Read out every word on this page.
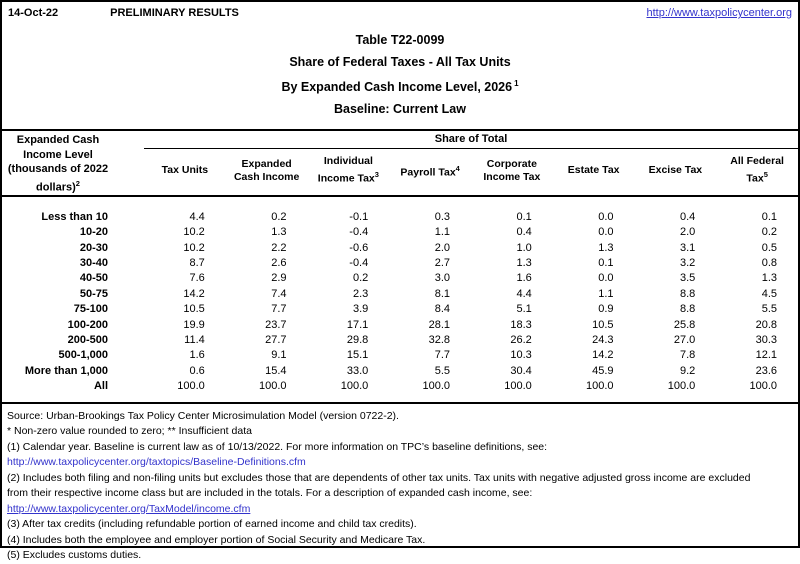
14-Oct-22	PRELIMINARY RESULTS	http://www.taxpolicycenter.org
Table T22-0099
Share of Federal Taxes - All Tax Units
By Expanded Cash Income Level, 2026 $^1$
Baseline: Current Law
Expanded Cash
Income Level
(thousands of 2022
dollars)$^2$	Share of Total							
	Tax Units	Expanded Cash Income	Individual Income Tax$^3$	Payroll Tax$^4$	Corporate Income Tax	Estate Tax	Excise Tax	All Federal Tax$^5$
Less than 10	4.4	0.2	-0.1	0.3	0.1	0.0	0.4	0.1
10-20	10.2	1.3	-0.4	1.1	0.4	0.0	2.0	0.2
20-30	10.2	2.2	-0.6	2.0	1.0	1.3	3.1	0.5
30-40	8.7	2.6	-0.4	2.7	1.3	0.1	3.2	0.8
40-50	7.6	2.9	0.2	3.0	1.6	0.0	3.5	1.3
50-75	14.2	7.4	2.3	8.1	4.4	1.1	8.8	4.5
75-100	10.5	7.7	3.9	8.4	5.1	0.9	8.8	5.5
100-200	19.9	23.7	17.1	28.1	18.3	10.5	25.8	20.8
200-500	11.4	27.7	29.8	32.8	26.2	24.3	27.0	30.3
500-1,000	1.6	9.1	15.1	7.7	10.3	14.2	7.8	12.1
More than 1,000	0.6	15.4	33.0	5.5	30.4	45.9	9.2	23.6
All	100.0	100.0	100.0	100.0	100.0	100.0	100.0	100.0
Source: Urban-Brookings Tax Policy Center Microsimulation Model (version 0722-2).
* Non-zero value rounded to zero; ** Insufficient data
(1) Calendar year. Baseline is current law as of 10/13/2022. For more information on TPC’s baseline definitions, see:
http://www.taxpolicycenter.org/taxtopics/Baseline-Definitions.cfm
(2) Includes both filing and non-filing units but excludes those that are dependents of other tax units. Tax units with negative adjusted gross income are excluded
from their respective income class but are included in the totals. For a description of expanded cash income, see:
http://www.taxpolicycenter.org/TaxModel/income.cfm
(3) After tax credits (including refundable portion of earned income and child tax credits).
(4) Includes both the employee and employer portion of Social Security and Medicare Tax.
(5) Excludes customs duties.
